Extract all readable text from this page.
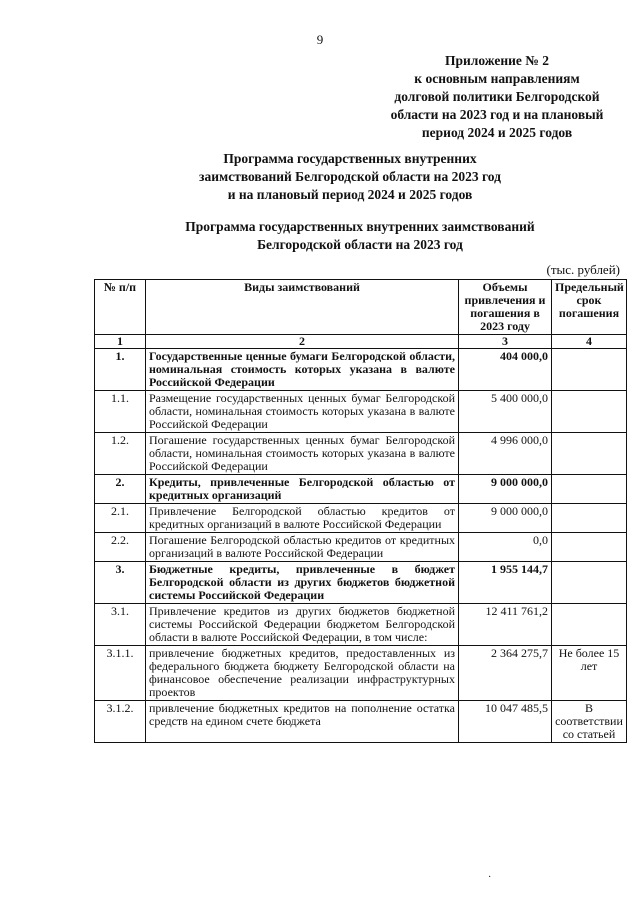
9
Приложение № 2
к основным направлениям
долговой политики Белгородской
области на 2023 год и на плановый
период 2024 и 2025 годов
Программа государственных внутренних
заимствований Белгородской области на 2023 год
и на плановый период 2024 и 2025 годов
Программа государственных внутренних заимствований
Белгородской области на 2023 год
(тыс. рублей)
№ п/п	Виды заимствований	Объемы привлечения и погашения в 2023 году	Предельный срок погашения
1	2	3	4
1.	Государственные ценные бумаги Белгородской области, номинальная стоимость которых указана в валюте Российской Федерации	404 000,0	
1.1.	Размещение государственных ценных бумаг Белгородской области, номинальная стоимость которых указана в валюте Российской Федерации	5 400 000,0	
1.2.	Погашение государственных ценных бумаг Белгородской области, номинальная стоимость которых указана в валюте Российской Федерации	4 996 000,0	
2.	Кредиты, привлеченные Белгородской областью от кредитных организаций	9 000 000,0	
2.1.	Привлечение Белгородской областью кредитов от кредитных организаций в валюте Российской Федерации	9 000 000,0	
2.2.	Погашение Белгородской областью кредитов от кредитных организаций в валюте Российской Федерации	0,0	
3.	Бюджетные кредиты, привлеченные в бюджет Белгородской области из других бюджетов бюджетной системы Российской Федерации	1 955 144,7	
3.1.	Привлечение кредитов из других бюджетов бюджетной системы Российской Федерации бюджетом Белгородской области в валюте Российской Федерации, в том числе:	12 411 761,2	
3.1.1.	привлечение бюджетных кредитов, предоставленных из федерального бюджета бюджету Белгородской области на финансовое обеспечение реализации инфраструктурных проектов	2 364 275,7	Не более 15 лет
3.1.2.	привлечение бюджетных кредитов на пополнение остатка средств на едином счете бюджета	10 047 485,5	В соответствии со статьей
·
